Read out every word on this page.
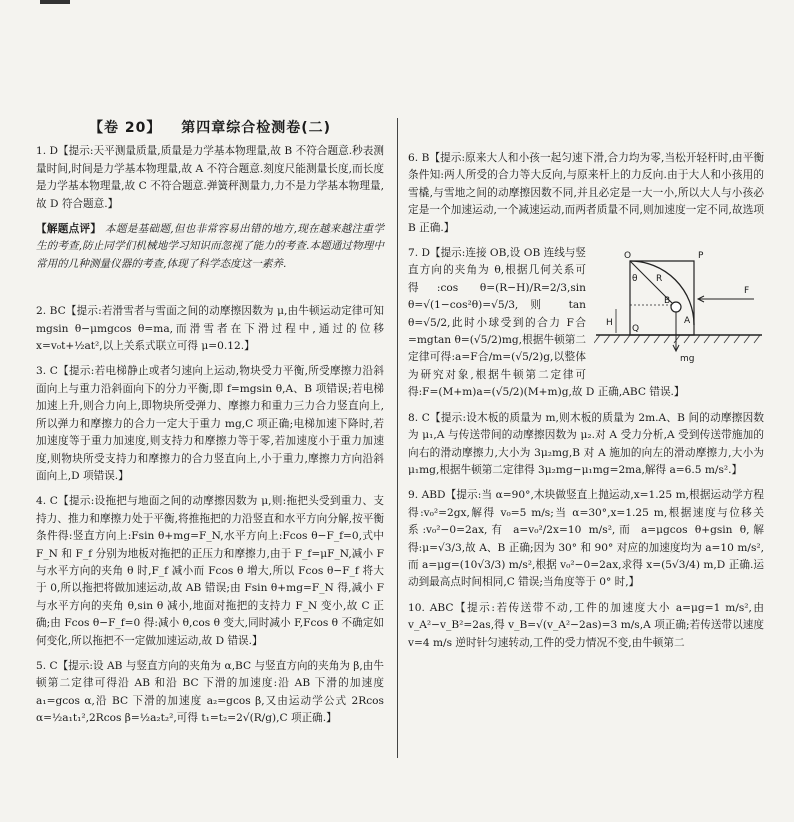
【卷 20】 第四章综合检测卷(二)

1. D【提示:天平测量质量,质量是力学基本物理量,故 B 不符合题意.秒表测量时间,时间是力学基本物理量,故 A 不符合题意.刻度尺能测量长度,而长度是力学基本物理量,故 C 不符合题意.弹簧秤测量力,力不是力学基本物理量,故 D 符合题意.】

【解题点评】 本题是基础题,但也非常容易出错的地方,现在越来越注重学生的考查,防止同学们机械地学习知识而忽视了能力的考查.本题通过物理中常用的几种测量仪器的考查,体现了科学态度这一素养.

2. BC【提示:若滑雪者与雪面之间的动摩擦因数为 μ,由牛顿运动定律可知 mgsin θ−μmgcos θ=ma,而滑雪者在下滑过程中,通过的位移 x=v₀t+½at²,以上关系式联立可得 μ=0.12.】

3. C【提示:若电梯静止或者匀速向上运动,物块受力平衡,所受摩擦力沿斜面向上与重力沿斜面向下的分力平衡,即 f=mgsin θ,A、B 项错误;若电梯加速上升,则合力向上,即物块所受弹力、摩擦力和重力三力合力竖直向上,所以弹力和摩擦力的合力一定大于重力 mg,C 项正确;电梯加速下降时,若加速度等于重力加速度,则支持力和摩擦力等于零,若加速度小于重力加速度,则物块所受支持力和摩擦力的合力竖直向上,小于重力,摩擦力方向沿斜面向上,D 项错误.】

4. C【提示:设拖把与地面之间的动摩擦因数为 μ,则:拖把头受到重力、支持力、推力和摩擦力处于平衡,将推拖把的力沿竖直和水平方向分解,按平衡条件得:竖直方向上:Fsin θ+mg=F_N,水平方向上:Fcos θ−F_f=0,式中 F_N 和 F_f 分别为地板对拖把的正压力和摩擦力,由于 F_f=μF_N,减小 F 与水平方向的夹角 θ 时,F_f 减小而 Fcos θ 增大,所以 Fcos θ−F_f 将大于 0,所以拖把将做加速运动,故 AB 错误;由 Fsin θ+mg=F_N 得,减小 F 与水平方向的夹角 θ,sin θ 减小,地面对拖把的支持力 F_N 变小,故 C 正确;由 Fcos θ−F_f=0 得:减小 θ,cos θ 变大,同时减小 F,Fcos θ 不确定如何变化,所以拖把不一定做加速运动,故 D 错误.】

5. C【提示:设 AB 与竖直方向的夹角为 α,BC 与竖直方向的夹角为 β,由牛顿第二定律可得沿 AB 和沿 BC 下滑的加速度:沿 AB 下滑的加速度 a₁=gcos α,沿 BC 下滑的加速度 a₂=gcos β,又由运动学公式 2Rcos α=½a₁t₁²,2Rcos β=½a₂t₂²,可得 t₁=t₂=2√(R/g),C 项正确.】

6. B【提示:原来大人和小孩一起匀速下滑,合力均为零,当松开轻杆时,由平衡条件知:两人所受的合力等大反向,与原来杆上的力反向.由于大人和小孩用的雪橇,与雪地之间的动摩擦因数不同,并且必定是一大一小,所以大人与小孩必定是一个加速运动,一个减速运动,而两者质量不同,则加速度一定不同,故选项 B 正确.】

O
R
P
θ
B
H
Q
A
F
mg

7. D【提示:连接 OB,设 OB 连线与竖直方向的夹角为 θ,根据几何关系可得:cos θ=(R−H)/R=2/3,sin θ=√(1−cos²θ)=√5/3,则 tan θ=√5/2,此时小球受到的合力 F合=mgtan θ=(√5/2)mg,根据牛顿第二定律可得:a=F合/m=(√5/2)g,以整体为研究对象,根据牛顿第二定律可得:F=(M+m)a=(√5/2)(M+m)g,故 D 正确,ABC 错误.】

8. C【提示:设木板的质量为 m,则木板的质量为 2m.A、B 间的动摩擦因数为 μ₁,A 与传送带间的动摩擦因数为 μ₂.对 A 受力分析,A 受到传送带施加的向右的滑动摩擦力,大小为 3μ₂mg,B 对 A 施加的向左的滑动摩擦力,大小为 μ₁mg,根据牛顿第二定律得 3μ₂mg−μ₁mg=2ma,解得 a=6.5 m/s².】

9. ABD【提示:当 α=90°,木块做竖直上抛运动,x=1.25 m,根据运动学方程得:v₀²=2gx,解得 v₀=5 m/s;当 α=30°,x=1.25 m,根据速度与位移关系:v₀²−0=2ax,有 a=v₀²/2x=10 m/s²,而 a=μgcos θ+gsin θ,解得:μ=√3/3,故 A、B 正确;因为 30° 和 90° 对应的加速度均为 a=10 m/s²,而 a=μg=(10√3/3) m/s²,根据 v₀²−0=2ax,求得 x=(5√3/4) m,D 正确.运动到最高点时间相同,C 错误;当角度等于 0° 时,】

10. ABC【提示:若传送带不动,工件的加速度大小 a=μg=1 m/s²,由 v_A²−v_B²=2as,得 v_B=√(v_A²−2as)=3 m/s,A 项正确;若传送带以速度 v=4 m/s 逆时针匀速转动,工件的受力情况不变,由牛顿第二
